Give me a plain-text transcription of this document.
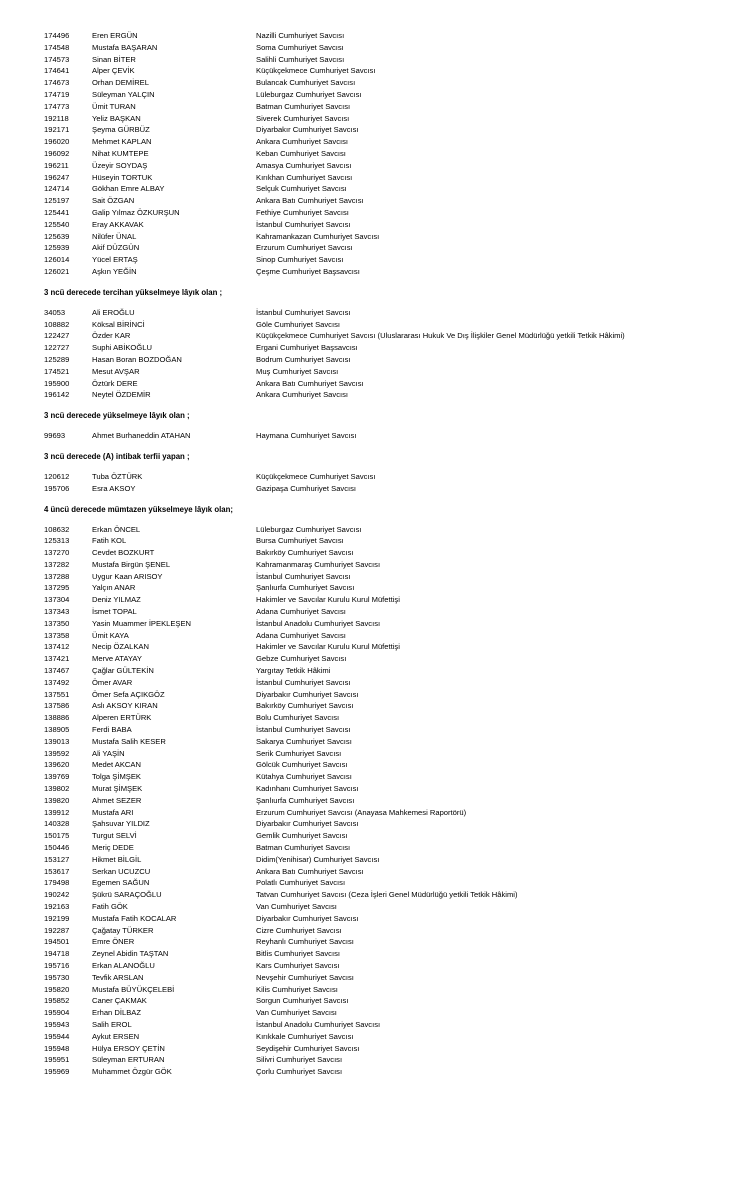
174496	Eren ERGÜN	Nazilli Cumhuriyet Savcısı
174548	Mustafa BAŞARAN	Soma Cumhuriyet Savcısı
174573	Sinan BİTER	Salihli Cumhuriyet Savcısı
174641	Alper ÇEVİK	Küçükçekmece Cumhuriyet Savcısı
174673	Orhan DEMİREL	Bulancak Cumhuriyet Savcısı
174719	Süleyman YALÇIN	Lüleburgaz Cumhuriyet Savcısı
174773	Ümit TURAN	Batman Cumhuriyet Savcısı
192118	Yeliz BAŞKAN	Siverek Cumhuriyet Savcısı
192171	Şeyma GÜRBÜZ	Diyarbakır Cumhuriyet Savcısı
196020	Mehmet KAPLAN	Ankara Cumhuriyet Savcısı
196092	Nihat KUMTEPE	Keban Cumhuriyet Savcısı
196211	Üzeyir SOYDAŞ	Amasya Cumhuriyet Savcısı
196247	Hüseyin TORTUK	Kırıkhan Cumhuriyet Savcısı
124714	Gökhan Emre ALBAY	Selçuk Cumhuriyet Savcısı
125197	Sait ÖZGAN	Ankara Batı Cumhuriyet Savcısı
125441	Galip Yılmaz ÖZKURŞUN	Fethiye Cumhuriyet Savcısı
125540	Eray AKKAVAK	İstanbul Cumhuriyet Savcısı
125639	Nilüfer ÜNAL	Kahramankazan Cumhuriyet Savcısı
125939	Akif DÜZGÜN	Erzurum Cumhuriyet Savcısı
126014	Yücel ERTAŞ	Sinop Cumhuriyet Savcısı
126021	Aşkın YEĞİN	Çeşme Cumhuriyet Başsavcısı
3 ncü derecede tercihan yükselmeye lâyık olan ;
34053	Ali EROĞLU	İstanbul Cumhuriyet Savcısı
108882	Köksal BİRİNCİ	Göle Cumhuriyet Savcısı
122427	Özder KAR	Küçükçekmece Cumhuriyet Savcısı (Uluslararası Hukuk Ve Dış İlişkiler Genel Müdürlüğü yetkili Tetkik Hâkimi)
122727	Suphi ABİKOĞLU	Ergani Cumhuriyet Başsavcısı
125289	Hasan Boran BOZDOĞAN	Bodrum Cumhuriyet Savcısı
174521	Mesut AVŞAR	Muş Cumhuriyet Savcısı
195900	Öztürk DERE	Ankara Batı Cumhuriyet Savcısı
196142	Neytel ÖZDEMİR	Ankara Cumhuriyet Savcısı
3 ncü derecede yükselmeye lâyık olan ;
99693	Ahmet Burhaneddin ATAHAN	Haymana Cumhuriyet Savcısı
3 ncü derecede (A) intibak terfii yapan ;
120612	Tuba ÖZTÜRK	Küçükçekmece Cumhuriyet Savcısı
195706	Esra AKSOY	Gazipaşa Cumhuriyet Savcısı
4 üncü derecede mümtazen yükselmeye lâyık olan;
108632	Erkan ÖNCEL	Lüleburgaz Cumhuriyet Savcısı
125313	Fatih KOL	Bursa Cumhuriyet Savcısı
137270	Cevdet BOZKURT	Bakırköy Cumhuriyet Savcısı
137282	Mustafa Birgün ŞENEL	Kahramanmaraş Cumhuriyet Savcısı
137288	Uygur Kaan ARISOY	İstanbul Cumhuriyet Savcısı
137295	Yalçın ANAR	Şanlıurfa Cumhuriyet Savcısı
137304	Deniz YILMAZ	Hakimler ve Savcılar Kurulu Kurul Müfettişi
137343	İsmet TOPAL	Adana Cumhuriyet Savcısı
137350	Yasin Muammer İPEKLEŞEN	İstanbul Anadolu Cumhuriyet Savcısı
137358	Ümit KAYA	Adana Cumhuriyet Savcısı
137412	Necip ÖZALKAN	Hakimler ve Savcılar Kurulu Kurul Müfettişi
137421	Merve ATAYAY	Gebze Cumhuriyet Savcısı
137467	Çağlar GÜLTEKİN	Yargıtay Tetkik Hâkimi
137492	Ömer AVAR	İstanbul Cumhuriyet Savcısı
137551	Ömer Sefa AÇIKGÖZ	Diyarbakır Cumhuriyet Savcısı
137586	Aslı AKSOY KIRAN	Bakırköy Cumhuriyet Savcısı
138886	Alperen ERTÜRK	Bolu Cumhuriyet Savcısı
138905	Ferdi BABA	İstanbul Cumhuriyet Savcısı
139013	Mustafa Salih KESER	Sakarya Cumhuriyet Savcısı
139592	Ali YAŞİN	Serik Cumhuriyet Savcısı
139620	Medet AKCAN	Gölcük Cumhuriyet Savcısı
139769	Tolga ŞİMŞEK	Kütahya Cumhuriyet Savcısı
139802	Murat ŞİMŞEK	Kadınhanı Cumhuriyet Savcısı
139820	Ahmet SEZER	Şanlıurfa Cumhuriyet Savcısı
139912	Mustafa ARI	Erzurum Cumhuriyet Savcısı (Anayasa Mahkemesi Raportörü)
140328	Şahsuvar YILDIZ	Diyarbakır Cumhuriyet Savcısı
150175	Turgut SELVİ	Gemlik Cumhuriyet Savcısı
150446	Meriç DEDE	Batman Cumhuriyet Savcısı
153127	Hikmet BİLGİL	Didim(Yenihisar) Cumhuriyet Savcısı
153617	Serkan UCUZCU	Ankara Batı Cumhuriyet Savcısı
179498	Egemen SAĞUN	Polatlı Cumhuriyet Savcısı
190242	Şükrü SARAÇOĞLU	Tatvan Cumhuriyet Savcısı (Ceza İşleri Genel Müdürlüğü yetkili Tetkik Hâkimi)
192163	Fatih GÖK	Van Cumhuriyet Savcısı
192199	Mustafa Fatih KOCALAR	Diyarbakır Cumhuriyet Savcısı
192287	Çağatay TÜRKER	Cizre Cumhuriyet Savcısı
194501	Emre ÖNER	Reyhanlı Cumhuriyet Savcısı
194718	Zeynel Abidin TAŞTAN	Bitlis Cumhuriyet Savcısı
195716	Erkan ALANOĞLU	Kars Cumhuriyet Savcısı
195730	Tevfik ARSLAN	Nevşehir Cumhuriyet Savcısı
195820	Mustafa BÜYÜKÇELEBİ	Kilis Cumhuriyet Savcısı
195852	Caner ÇAKMAK	Sorgun Cumhuriyet Savcısı
195904	Erhan DİLBAZ	Van Cumhuriyet Savcısı
195943	Salih EROL	İstanbul Anadolu Cumhuriyet Savcısı
195944	Aykut ERSEN	Kırıkkale Cumhuriyet Savcısı
195948	Hülya ERSOY ÇETİN	Seydişehir Cumhuriyet Savcısı
195951	Süleyman ERTURAN	Silivri Cumhuriyet Savcısı
195969	Muhammet Özgür GÖK	Çorlu Cumhuriyet Savcısı
